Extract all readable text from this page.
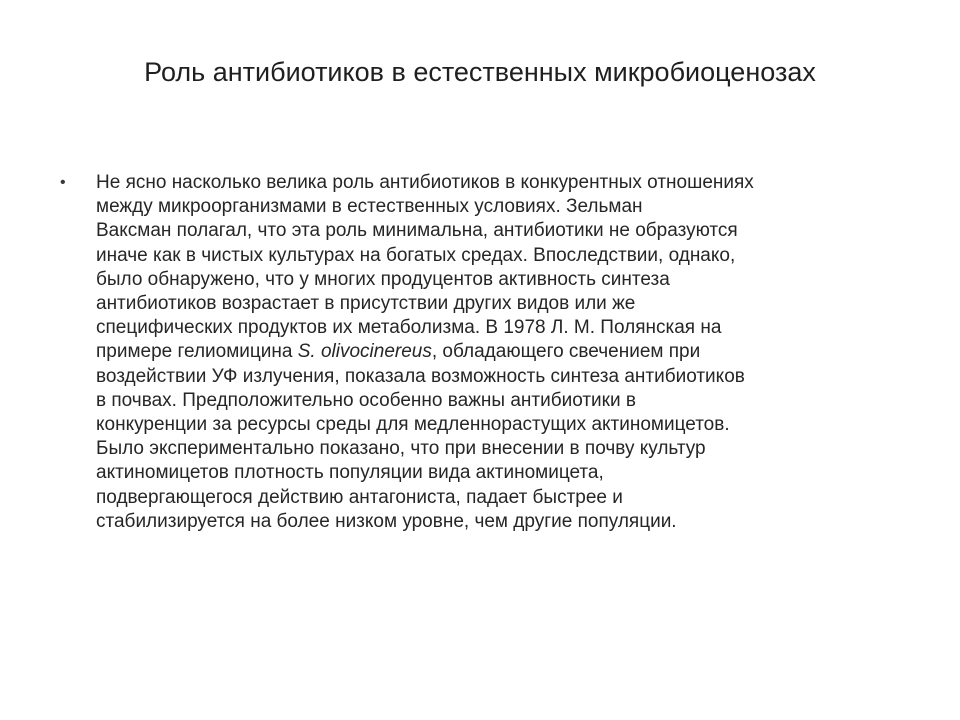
Роль антибиотиков в естественных микробиоценозах
• Не ясно насколько велика роль антибиотиков в конкурентных отношениях
между микроорганизмами в естественных условиях. Зельман
Ваксман полагал, что эта роль минимальна, антибиотики не образуются
иначе как в чистых культурах на богатых средах. Впоследствии, однако,
было обнаружено, что у многих продуцентов активность синтеза
антибиотиков возрастает в присутствии других видов или же
специфических продуктов их метаболизма. В 1978 Л. М. Полянская на
примере гелиомицина S. olivocinereus, обладающего свечением при
воздействии УФ излучения, показала возможность синтеза антибиотиков
в почвах. Предположительно особенно важны антибиотики в
конкуренции за ресурсы среды для медленнорастущих актиномицетов.
Было экспериментально показано, что при внесении в почву культур
актиномицетов плотность популяции вида актиномицета,
подвергающегося действию антагониста, падает быстрее и
стабилизируется на более низком уровне, чем другие популяции.
